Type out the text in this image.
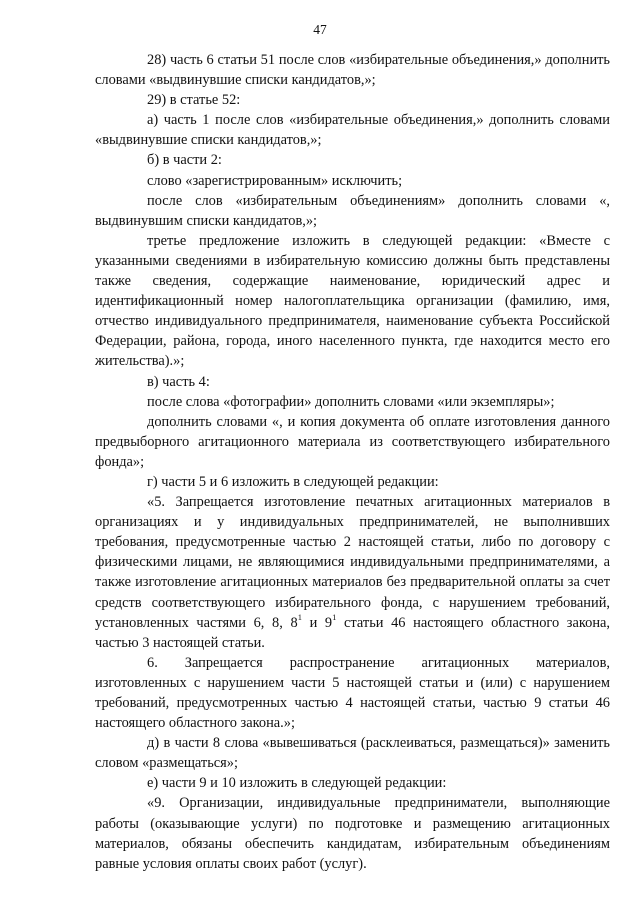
47

28) часть 6 статьи 51 после слов «избирательные объединения,» дополнить словами «выдвинувшие списки кандидатов,»;

29) в статье 52:

а) часть 1 после слов «избирательные объединения,» дополнить словами «выдвинувшие списки кандидатов,»;

б) в части 2:

слово «зарегистрированным» исключить;

после слов «избирательным объединениям» дополнить словами «, выдвинувшим списки кандидатов,»;

третье предложение изложить в следующей редакции: «Вместе с указанными сведениями в избирательную комиссию должны быть представлены также сведения, содержащие наименование, юридический адрес и идентификационный номер налогоплательщика организации (фамилию, имя, отчество индивидуального предпринимателя, наименование субъекта Российской Федерации, района, города, иного населенного пункта, где находится место его жительства).»;

в) часть 4:

после слова «фотографии» дополнить словами «или экземпляры»;

дополнить словами «, и копия документа об оплате изготовления данного предвыборного агитационного материала из соответствующего избирательного фонда»;

г) части 5 и 6 изложить в следующей редакции:

«5. Запрещается изготовление печатных агитационных материалов в организациях и у индивидуальных предпринимателей, не выполнивших требования, предусмотренные частью 2 настоящей статьи, либо по договору с физическими лицами, не являющимися индивидуальными предпринимателями, а также изготовление агитационных материалов без предварительной оплаты за счет средств соответствующего избирательного фонда, с нарушением требований, установленных частями 6, 8, $8^1$ и $9^1$ статьи 46 настоящего областного закона, частью 3 настоящей статьи.

6. Запрещается распространение агитационных материалов, изготовленных с нарушением части 5 настоящей статьи и (или) с нарушением требований, предусмотренных частью 4 настоящей статьи, частью 9 статьи 46 настоящего областного закона.»;

д) в части 8 слова «вывешиваться (расклеиваться, размещаться)» заменить словом «размещаться»;

е) части 9 и 10 изложить в следующей редакции:

«9. Организации, индивидуальные предприниматели, выполняющие работы (оказывающие услуги) по подготовке и размещению агитационных материалов, обязаны обеспечить кандидатам, избирательным объединениям равные условия оплаты своих работ (услуг).
